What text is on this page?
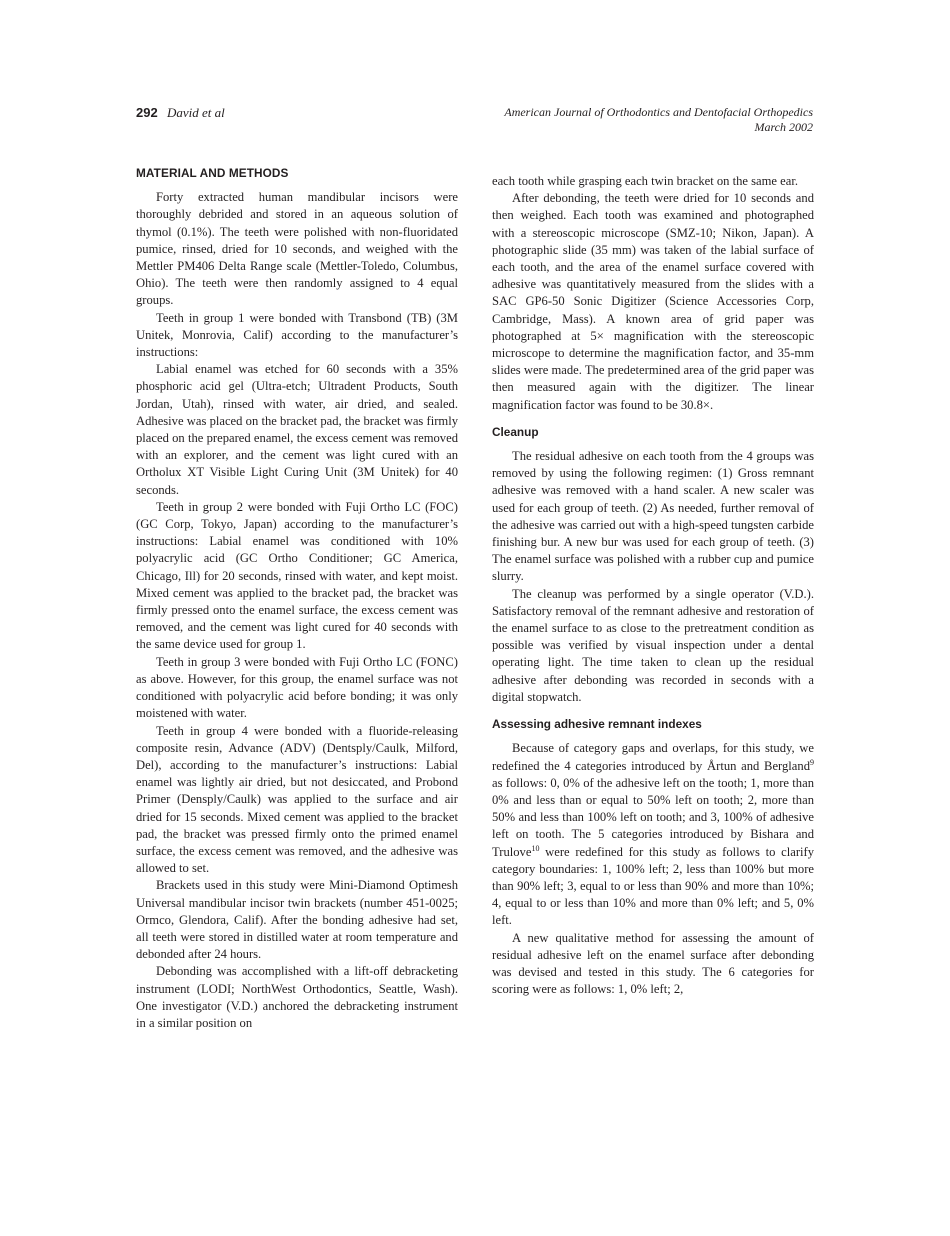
292 David et al	American Journal of Orthodontics and Dentofacial Orthopedics
March 2002
MATERIAL AND METHODS

Forty extracted human mandibular incisors were thoroughly debrided and stored in an aqueous solution of thymol (0.1%). The teeth were polished with non-fluoridated pumice, rinsed, dried for 10 seconds, and weighed with the Mettler PM406 Delta Range scale (Mettler-Toledo, Columbus, Ohio). The teeth were then randomly assigned to 4 equal groups.

Teeth in group 1 were bonded with Transbond (TB) (3M Unitek, Monrovia, Calif) according to the manufacturer’s instructions:

Labial enamel was etched for 60 seconds with a 35% phosphoric acid gel (Ultra-etch; Ultradent Products, South Jordan, Utah), rinsed with water, air dried, and sealed. Adhesive was placed on the bracket pad, the bracket was firmly placed on the prepared enamel, the excess cement was removed with an explorer, and the cement was light cured with an Ortholux XT Visible Light Curing Unit (3M Unitek) for 40 seconds.

Teeth in group 2 were bonded with Fuji Ortho LC (FOC) (GC Corp, Tokyo, Japan) according to the manufacturer’s instructions: Labial enamel was conditioned with 10% polyacrylic acid (GC Ortho Conditioner; GC America, Chicago, Ill) for 20 seconds, rinsed with water, and kept moist. Mixed cement was applied to the bracket pad, the bracket was firmly pressed onto the enamel surface, the excess cement was removed, and the cement was light cured for 40 seconds with the same device used for group 1.

Teeth in group 3 were bonded with Fuji Ortho LC (FONC) as above. However, for this group, the enamel surface was not conditioned with polyacrylic acid before bonding; it was only moistened with water.

Teeth in group 4 were bonded with a fluoride-releasing composite resin, Advance (ADV) (Dentsply/Caulk, Milford, Del), according to the manufacturer’s instructions: Labial enamel was lightly air dried, but not desiccated, and Probond Primer (Densply/Caulk) was applied to the surface and air dried for 15 seconds. Mixed cement was applied to the bracket pad, the bracket was pressed firmly onto the primed enamel surface, the excess cement was removed, and the adhesive was allowed to set.

Brackets used in this study were Mini-Diamond Optimesh Universal mandibular incisor twin brackets (number 451-0025; Ormco, Glendora, Calif). After the bonding adhesive had set, all teeth were stored in distilled water at room temperature and debonded after 24 hours.

Debonding was accomplished with a lift-off debracketing instrument (LODI; NorthWest Orthodontics, Seattle, Wash). One investigator (V.D.) anchored the debracketing instrument in a similar position on

each tooth while grasping each twin bracket on the same ear.

After debonding, the teeth were dried for 10 seconds and then weighed. Each tooth was examined and photographed with a stereoscopic microscope (SMZ-10; Nikon, Japan). A photographic slide (35 mm) was taken of the labial surface of each tooth, and the area of the enamel surface covered with adhesive was quantitatively measured from the slides with a SAC GP6-50 Sonic Digitizer (Science Accessories Corp, Cambridge, Mass). A known area of grid paper was photographed at 5× magnification with the stereoscopic microscope to determine the magnification factor, and 35-mm slides were made. The predetermined area of the grid paper was then measured again with the digitizer. The linear magnification factor was found to be 30.8×.

Cleanup

The residual adhesive on each tooth from the 4 groups was removed by using the following regimen: (1) Gross remnant adhesive was removed with a hand scaler. A new scaler was used for each group of teeth. (2) As needed, further removal of the adhesive was carried out with a high-speed tungsten carbide finishing bur. A new bur was used for each group of teeth. (3) The enamel surface was polished with a rubber cup and pumice slurry.

The cleanup was performed by a single operator (V.D.). Satisfactory removal of the remnant adhesive and restoration of the enamel surface to as close to the pretreatment condition as possible was verified by visual inspection under a dental operating light. The time taken to clean up the residual adhesive after debonding was recorded in seconds with a digital stopwatch.

Assessing adhesive remnant indexes

Because of category gaps and overlaps, for this study, we redefined the 4 categories introduced by Årtun and Bergland$^9$ as follows: 0, 0% of the adhesive left on the tooth; 1, more than 0% and less than or equal to 50% left on tooth; 2, more than 50% and less than 100% left on tooth; and 3, 100% of adhesive left on tooth. The 5 categories introduced by Bishara and Trulove$^{10}$ were redefined for this study as follows to clarify category boundaries: 1, 100% left; 2, less than 100% but more than 90% left; 3, equal to or less than 90% and more than 10%; 4, equal to or less than 10% and more than 0% left; and 5, 0% left.

A new qualitative method for assessing the amount of residual adhesive left on the enamel surface after debonding was devised and tested in this study. The 6 categories for scoring were as follows: 1, 0% left; 2,
